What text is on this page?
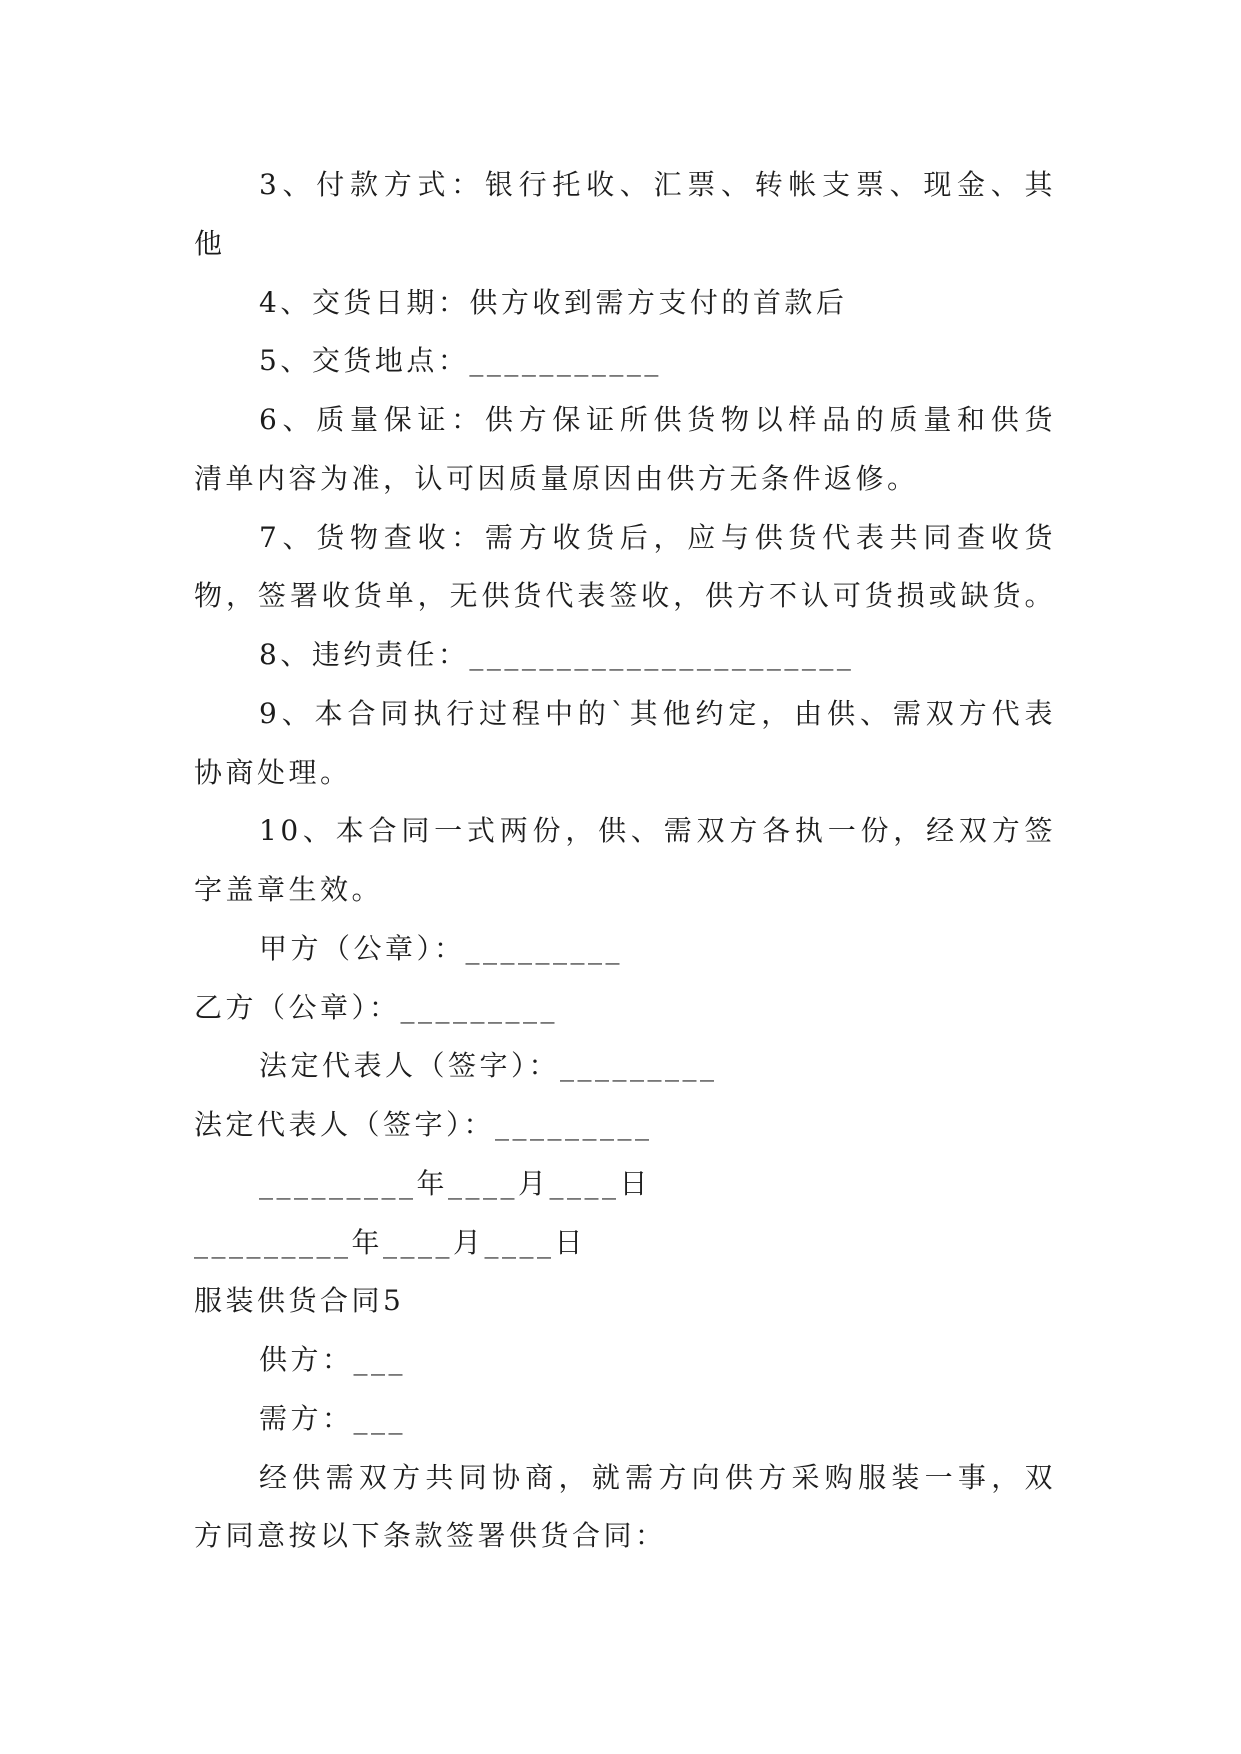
3、付款方式：银行托收、汇票、转帐支票、现金、其
他
4、交货日期：供方收到需方支付的首款后
5、交货地点：___________
6、质量保证：供方保证所供货物以样品的质量和供货
清单内容为准，认可因质量原因由供方无条件返修。
7、货物查收：需方收货后，应与供货代表共同查收货
物，签署收货单，无供货代表签收，供方不认可货损或缺货。
8、违约责任：______________________
9、本合同执行过程中的`其他约定，由供、需双方代表
协商处理。
10、本合同一式两份，供、需双方各执一份，经双方签
字盖章生效。
甲方（公章）：_________
乙方（公章）：_________
法定代表人（签字）：_________
法定代表人（签字）：_________
_________年____月____日
_________年____月____日
服装供货合同5
供方：___
需方：___
经供需双方共同协商，就需方向供方采购服装一事，双
方同意按以下条款签署供货合同：
